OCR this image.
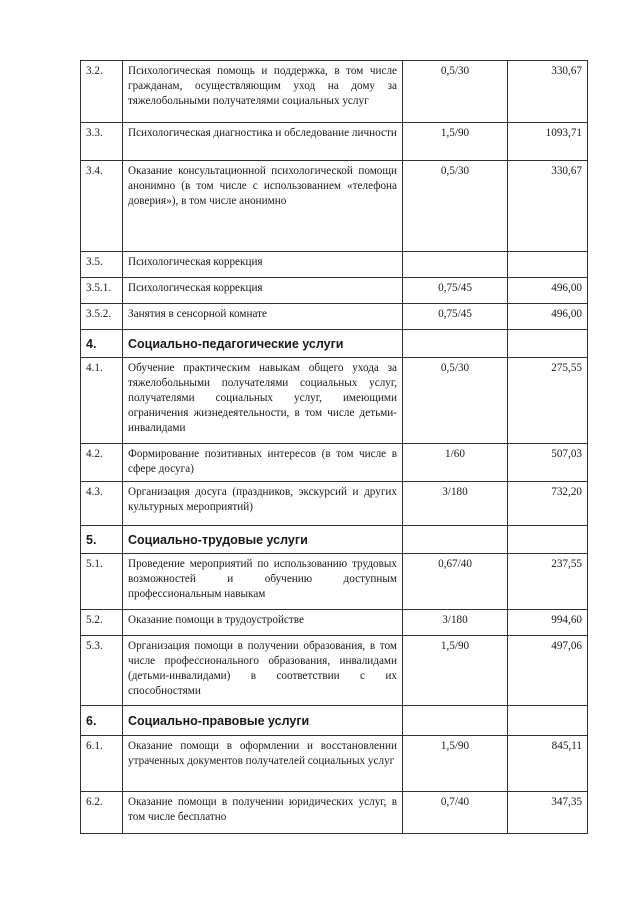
3.2.	Психологическая помощь и поддержка, в том числе гражданам, осуществляющим уход на дому за тяжелобольными получателями социальных услуг	0,5/30	330,67
3.3.	Психологическая диагностика и обследование личности	1,5/90	1093,71
3.4.	Оказание консультационной психологической помощи анонимно (в том числе с использованием «телефона доверия»), в том числе анонимно	0,5/30	330,67
3.5.	Психологическая коррекция		
3.5.1.	Психологическая коррекция	0,75/45	496,00
3.5.2.	Занятия в сенсорной комнате	0,75/45	496,00
4.	Социально-педагогические услуги		
4.1.	Обучение практическим навыкам общего ухода за тяжелобольными получателями социальных услуг, получателями социальных услуг, имеющими ограничения жизнедеятельности, в том числе детьми-инвалидами	0,5/30	275,55
4.2.	Формирование позитивных интересов (в том числе в сфере досуга)	1/60	507,03
4.3.	Организация досуга (праздников, экскурсий и других культурных мероприятий)	3/180	732,20
5.	Социально-трудовые услуги		
5.1.	Проведение мероприятий по использованию трудовых возможностей и обучению доступным профессиональным навыкам	0,67/40	237,55
5.2.	Оказание помощи в трудоустройстве	3/180	994,60
5.3.	Организация помощи в получении образования, в том числе профессионального образования, инвалидами (детьми-инвалидами) в соответствии с их способностями	1,5/90	497,06
6.	Социально-правовые услуги		
6.1.	Оказание помощи в оформлении и восстановлении утраченных документов получателей социальных услуг	1,5/90	845,11
6.2.	Оказание помощи в получении юридических услуг, в том числе бесплатно	0,7/40	347,35
